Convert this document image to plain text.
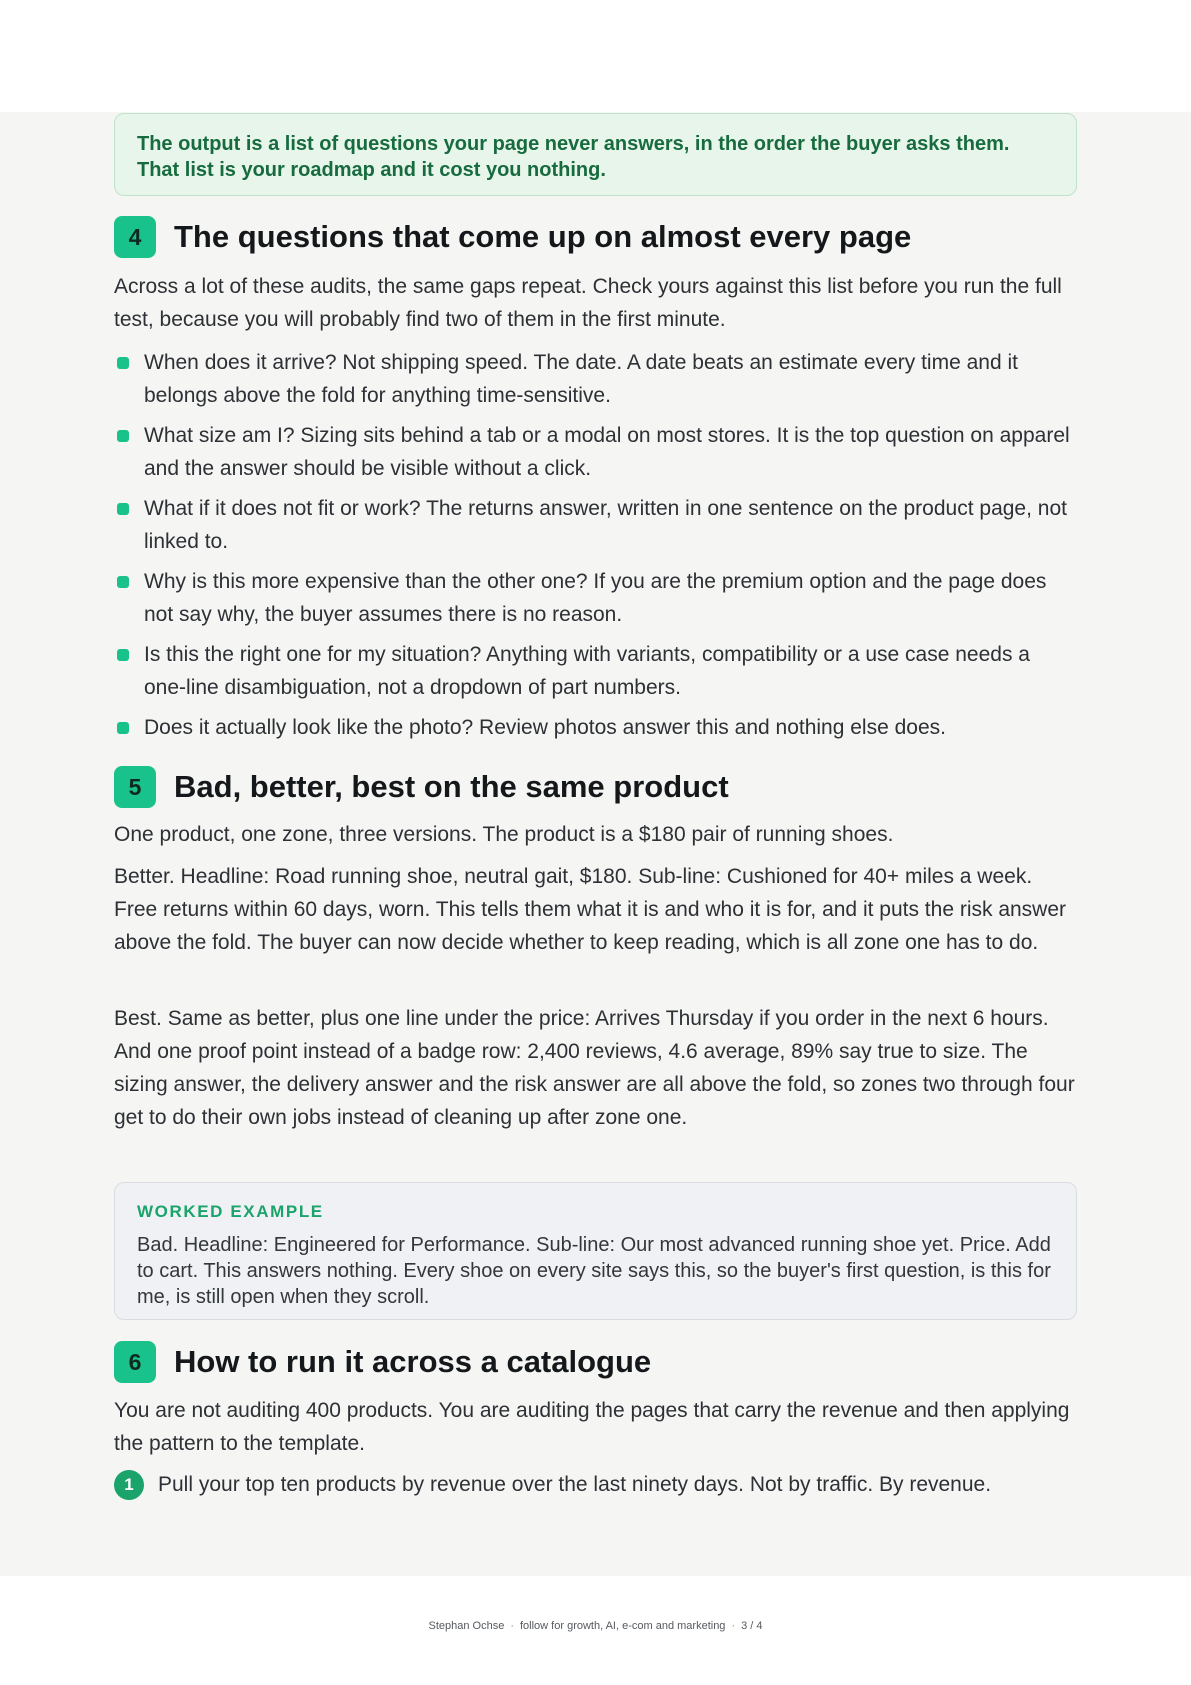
The output is a list of questions your page never answers, in the order the buyer asks them. That list is your roadmap and it cost you nothing.
4	The questions that come up on almost every page

Across a lot of these audits, the same gaps repeat. Check yours against this list before you run the full test, because you will probably find two of them in the first minute.

When does it arrive? Not shipping speed. The date. A date beats an estimate every time and it belongs above the fold for anything time-sensitive.
What size am I? Sizing sits behind a tab or a modal on most stores. It is the top question on apparel and the answer should be visible without a click.
What if it does not fit or work? The returns answer, written in one sentence on the product page, not linked to.
Why is this more expensive than the other one? If you are the premium option and the page does not say why, the buyer assumes there is no reason.
Is this the right one for my situation? Anything with variants, compatibility or a use case needs a one-line disambiguation, not a dropdown of part numbers.
Does it actually look like the photo? Review photos answer this and nothing else does.
5	Bad, better, best on the same product

One product, one zone, three versions. The product is a $180 pair of running shoes.

Better. Headline: Road running shoe, neutral gait, $180. Sub-line: Cushioned for 40+ miles a week. Free returns within 60 days, worn. This tells them what it is and who it is for, and it puts the risk answer above the fold. The buyer can now decide whether to keep reading, which is all zone one has to do.

Best. Same as better, plus one line under the price: Arrives Thursday if you order in the next 6 hours. And one proof point instead of a badge row: 2,400 reviews, 4.6 average, 89% say true to size. The sizing answer, the delivery answer and the risk answer are all above the fold, so zones two through four get to do their own jobs instead of cleaning up after zone one.

WORKED EXAMPLE
Bad. Headline: Engineered for Performance. Sub-line: Our most advanced running shoe yet. Price. Add to cart. This answers nothing. Every shoe on every site says this, so the buyer's first question, is this for me, is still open when they scroll.
6	How to run it across a catalogue

You are not auditing 400 products. You are auditing the pages that carry the revenue and then applying the pattern to the template.

1	Pull your top ten products by revenue over the last ninety days. Not by traffic. By revenue.
Stephan Ochse · follow for growth, AI, e-com and marketing · 3 / 4
